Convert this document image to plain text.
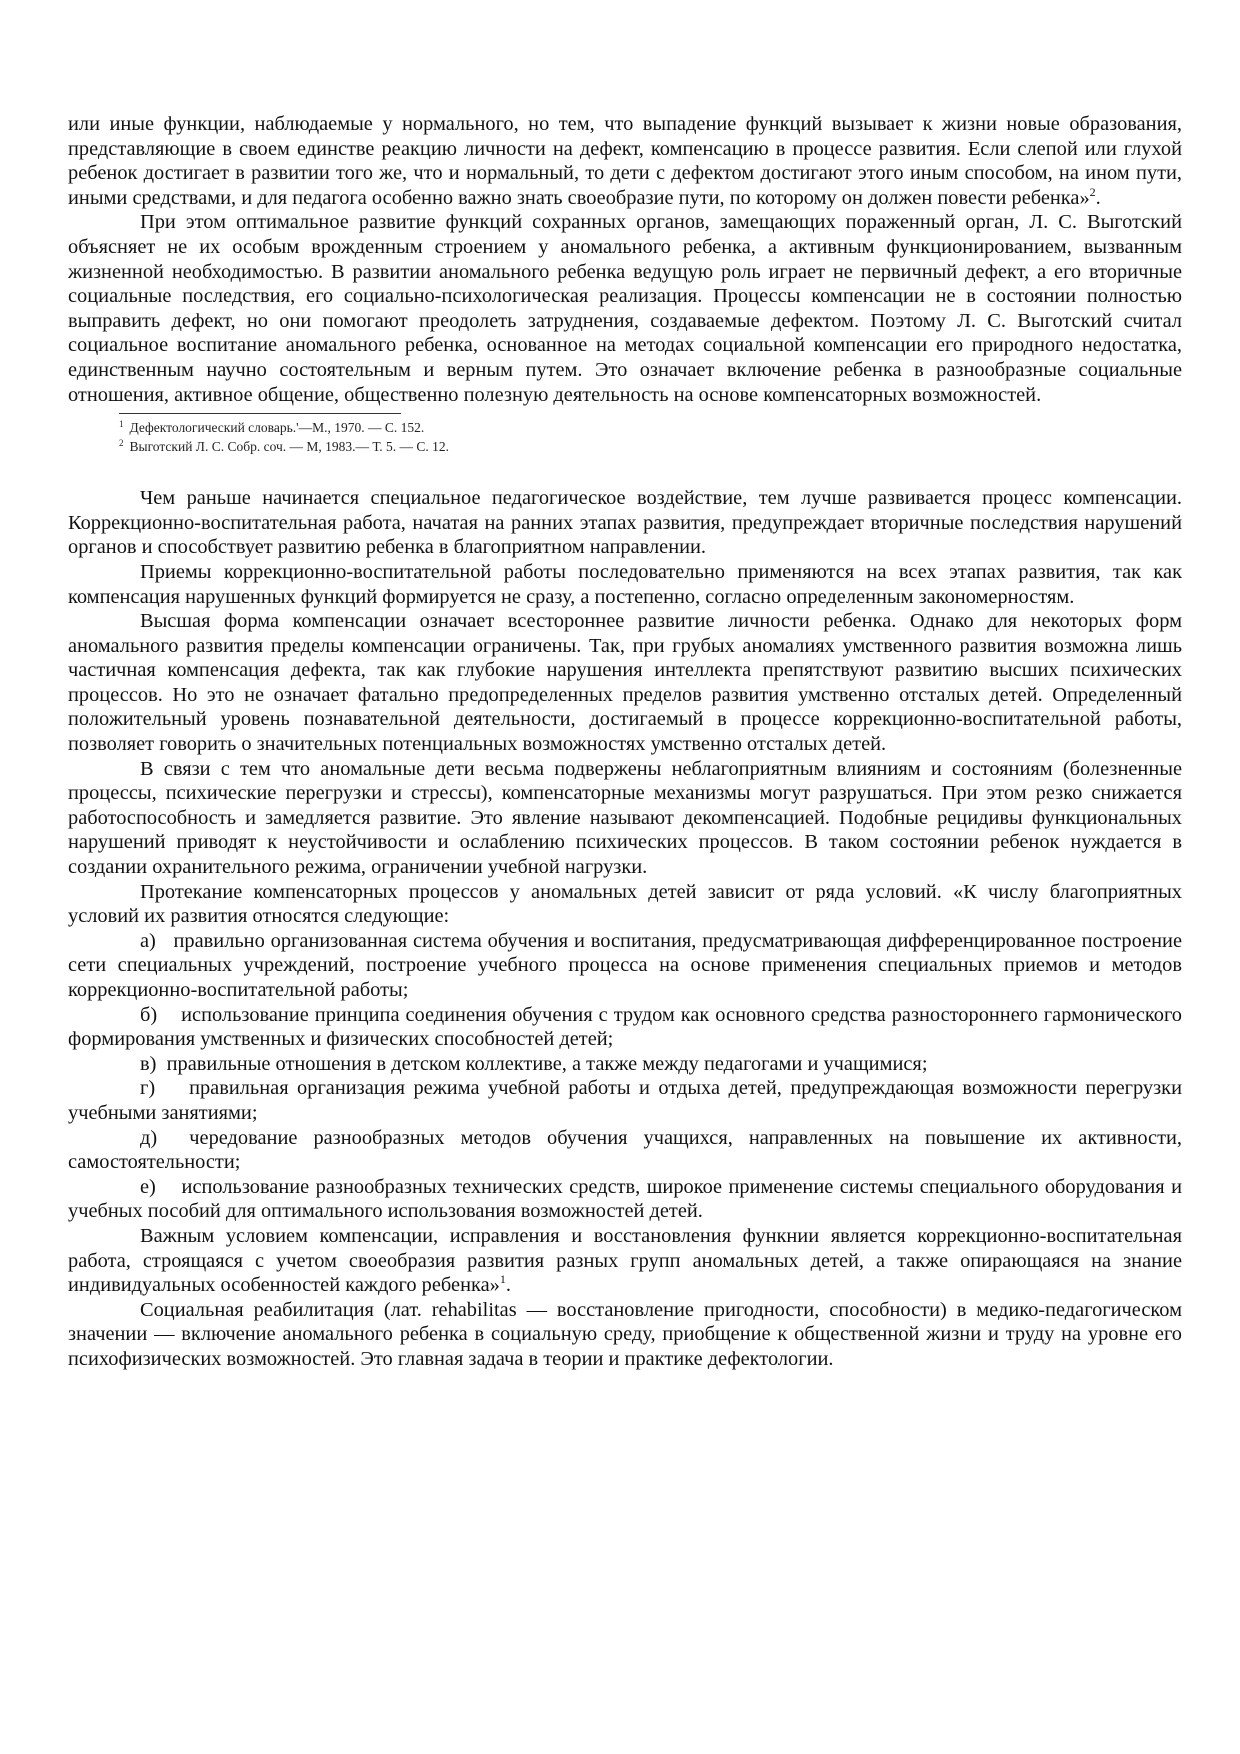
или иные функции, наблюдаемые у нормального, но тем, что выпадение функций вызывает к жизни новые образования, представляющие в своем единстве реакцию личности на дефект, компенсацию в процессе развития. Если слепой или глухой ребенок достигает в развитии того же, что и нормальный, то дети с дефектом достигают этого иным способом, на ином пути, иными средствами, и для педагога особенно важно знать своеобразие пути, по которому он должен повести ребенка»$^2$.

При этом оптимальное развитие функций сохранных органов, замещающих пораженный орган, Л. С. Выготский объясняет не их особым врожденным строением у аномального ребенка, а активным функционированием, вызванным жизненной необходимостью. В развитии аномального ребенка ведущую роль играет не первичный дефект, а его вторичные социальные последствия, его социально-психологическая реализация. Процессы компенсации не в состоянии полностью выправить дефект, но они помогают преодолеть затруднения, создаваемые дефектом. Поэтому Л. С. Выготский считал социальное воспитание аномального ребенка, основанное на методах социальной компенсации его природного недостатка, единственным научно состоятельным и верным путем. Это означает включение ребенка в разнообразные социальные отношения, активное общение, общественно полезную деятельность на основе компенсаторных возможностей.

$^1$ Дефектологический словарь.'—М., 1970. — С. 152.

$^2$ Выготский Л. С. Собр. соч. — М, 1983.— Т. 5. — С. 12.

Чем раньше начинается специальное педагогическое воздействие, тем лучше развивается процесс компенсации. Коррекционно-воспитательная работа, начатая на ранних этапах развития, предупреждает вторичные последствия нарушений органов и способствует развитию ребенка в благоприятном направлении.

Приемы коррекционно-воспитательной работы последовательно применяются на всех этапах развития, так как компенсация нарушенных функций формируется не сразу, а постепенно, согласно определенным закономерностям.

Высшая форма компенсации означает всестороннее развитие личности ребенка. Однако для некоторых форм аномального развития пределы компенсации ограничены. Так, при грубых аномалиях умственного развития возможна лишь частичная компенсация дефекта, так как глубокие нарушения интеллекта препятствуют развитию высших психических процессов. Но это не означает фатально предопределенных пределов развития умственно отсталых детей. Определенный положительный уровень познавательной деятельности, достигаемый в процессе коррекционно-воспитательной работы, позволяет говорить о значительных потенциальных возможностях умственно отсталых детей.

В связи с тем что аномальные дети весьма подвержены неблагоприятным влияниям и состояниям (болезненные процессы, психические перегрузки и стрессы), компенсаторные механизмы могут разрушаться. При этом резко снижается работоспособность и замедляется развитие. Это явление называют декомпенсацией. Подобные рецидивы функциональных нарушений приводят к неустойчивости и ослаблению психических процессов. В таком состоянии ребенок нуждается в создании охранительного режима, ограничении учебной нагрузки.

Протекание компенсаторных процессов у аномальных детей зависит от ряда условий. «К числу благоприятных условий их развития относятся следующие:

а) правильно организованная система обучения и воспитания, предусматривающая дифференцированное построение сети специальных учреждений, построение учебного процесса на основе применения специальных приемов и методов коррекционно-воспитательной работы;

б) использование принципа соединения обучения с трудом как основного средства разностороннего гармонического формирования умственных и физических способностей детей;

в) правильные отношения в детском коллективе, а также между педагогами и учащимися;

г) правильная организация режима учебной работы и отдыха детей, предупреждающая возможности перегрузки учебными занятиями;

д) чередование разнообразных методов обучения учащихся, направленных на повышение их активности, самостоятельности;

е) использование разнообразных технических средств, широкое применение системы специального оборудования и учебных пособий для оптимального использования возможностей детей.

Важным условием компенсации, исправления и восстановления функнии является коррекционно-воспитательная работа, строящаяся с учетом своеобразия развития разных групп аномальных детей, а также опирающаяся на знание индивидуальных особенностей каждого ребенка»$^1$.

Социальная реабилитация (лат. rehabilitas — восстановление пригодности, способности) в медико-педагогическом значении — включение аномального ребенка в социальную среду, приобщение к общественной жизни и труду на уровне его психофизических возможностей. Это главная задача в теории и практике дефектологии.
